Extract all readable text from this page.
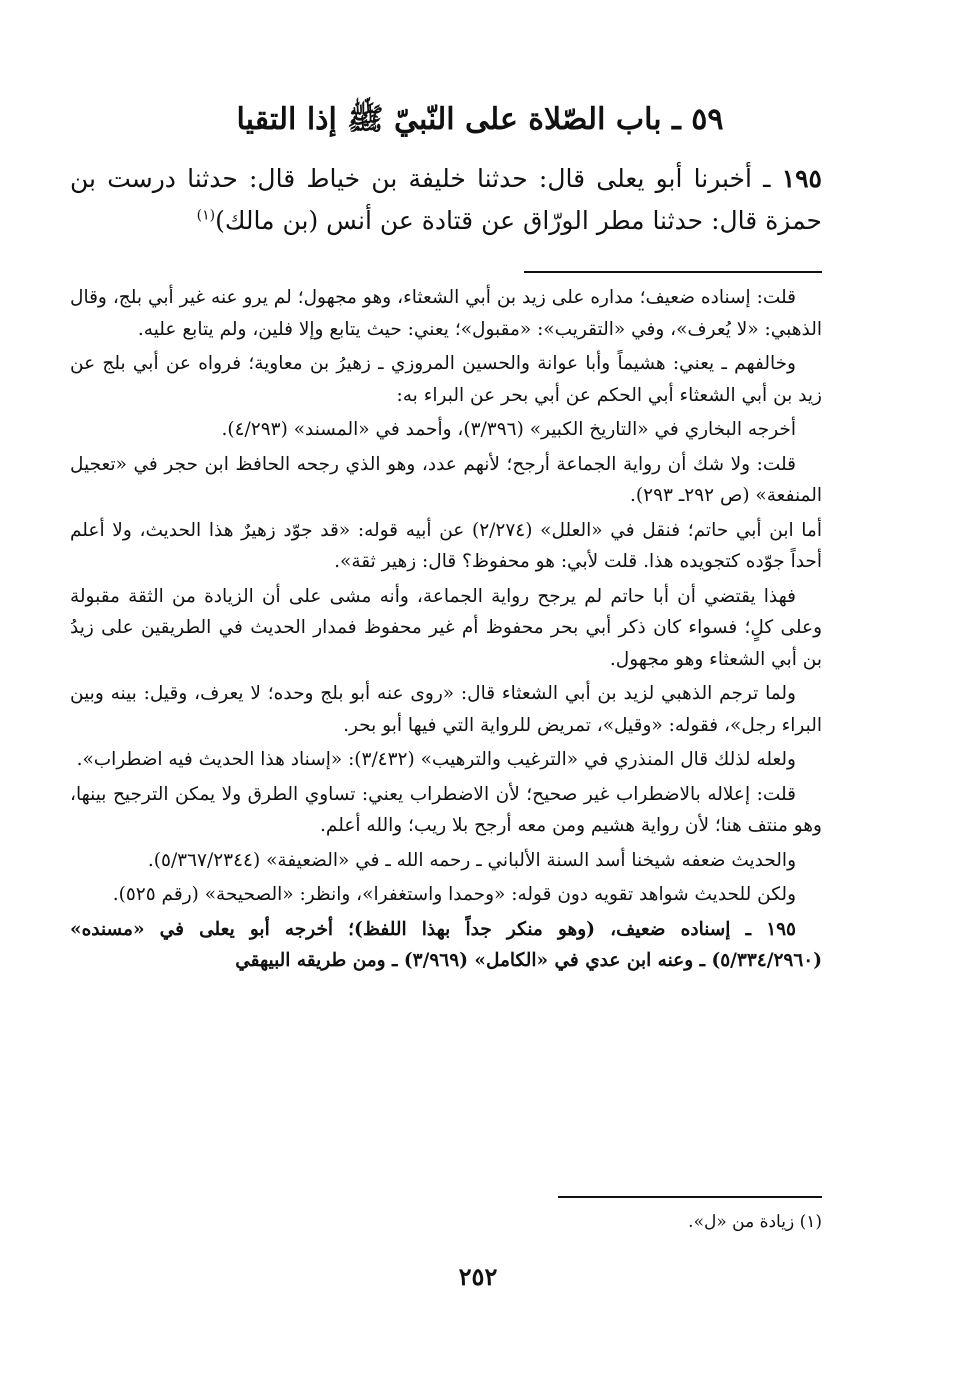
٥٩ ـ باب الصّلاة على النّبيّ ﷺ إذا التقيا

١٩٥ ـ أخبرنا أبو يعلى قال: حدثنا خليفة بن خياط قال: حدثنا درست بن حمزة قال: حدثنا مطر الورّاق عن قتادة عن أنس (بن مالك)$^{(١)}$

قلت: إسناده ضعيف؛ مداره على زيد بن أبي الشعثاء، وهو مجهول؛ لم يرو عنه غير أبي بلج، وقال الذهبي: «لا يُعرف»، وفي «التقريب»: «مقبول»؛ يعني: حيث يتابع وإلا فلين، ولم يتابع عليه.

وخالفهم ـ يعني: هشيماً وأبا عوانة والحسين المروزي ـ زهيرُ بن معاوية؛ فرواه عن أبي بلج عن زيد بن أبي الشعثاء أبي الحكم عن أبي بحر عن البراء به:

أخرجه البخاري في «التاريخ الكبير» (٣/٣٩٦)، وأحمد في «المسند» (٤/٢٩٣).

قلت: ولا شك أن رواية الجماعة أرجح؛ لأنهم عدد، وهو الذي رجحه الحافظ ابن حجر في «تعجيل المنفعة» (ص ٢٩٢ـ ٢٩٣).

أما ابن أبي حاتم؛ فنقل في «العلل» (٢/٢٧٤) عن أبيه قوله: «قد جوّد زهيرٌ هذا الحديث، ولا أعلم أحداً جوّده كتجويده هذا. قلت لأبي: هو محفوظ؟ قال: زهير ثقة».

فهذا يقتضي أن أبا حاتم لم يرجح رواية الجماعة، وأنه مشى على أن الزيادة من الثقة مقبولة وعلى كلٍ؛ فسواء كان ذكر أبي بحر محفوظ أم غير محفوظ فمدار الحديث في الطريقين على زيدُ بن أبي الشعثاء وهو مجهول.

ولما ترجم الذهبي لزيد بن أبي الشعثاء قال: «روى عنه أبو بلج وحده؛ لا يعرف، وقيل: بينه وبين البراء رجل»، فقوله: «وقيل»، تمريض للرواية التي فيها أبو بحر.

ولعله لذلك قال المنذري في «الترغيب والترهيب» (٣/٤٣٢): «إسناد هذا الحديث فيه اضطراب».

قلت: إعلاله بالاضطراب غير صحيح؛ لأن الاضطراب يعني: تساوي الطرق ولا يمكن الترجيح بينها، وهو منتف هنا؛ لأن رواية هشيم ومن معه أرجح بلا ريب؛ والله أعلم.

والحديث ضعفه شيخنا أسد السنة الألباني ـ رحمه الله ـ في «الضعيفة» (٥/٣٦٧/٢٣٤٤).

ولكن للحديث شواهد تقويه دون قوله: «وحمدا واستغفرا»، وانظر: «الصحيحة» (رقم ٥٢٥).

١٩٥ ـ إسناده ضعيف، (وهو منكر جداً بهذا اللفظ)؛ أخرجه أبو يعلى في «مسنده» (٥/٣٣٤/٢٩٦٠) ـ وعنه ابن عدي في «الكامل» (٣/٩٦٩) ـ ومن طريقه البيهقي

(١) زيادة من «ل».
٢٥٢
